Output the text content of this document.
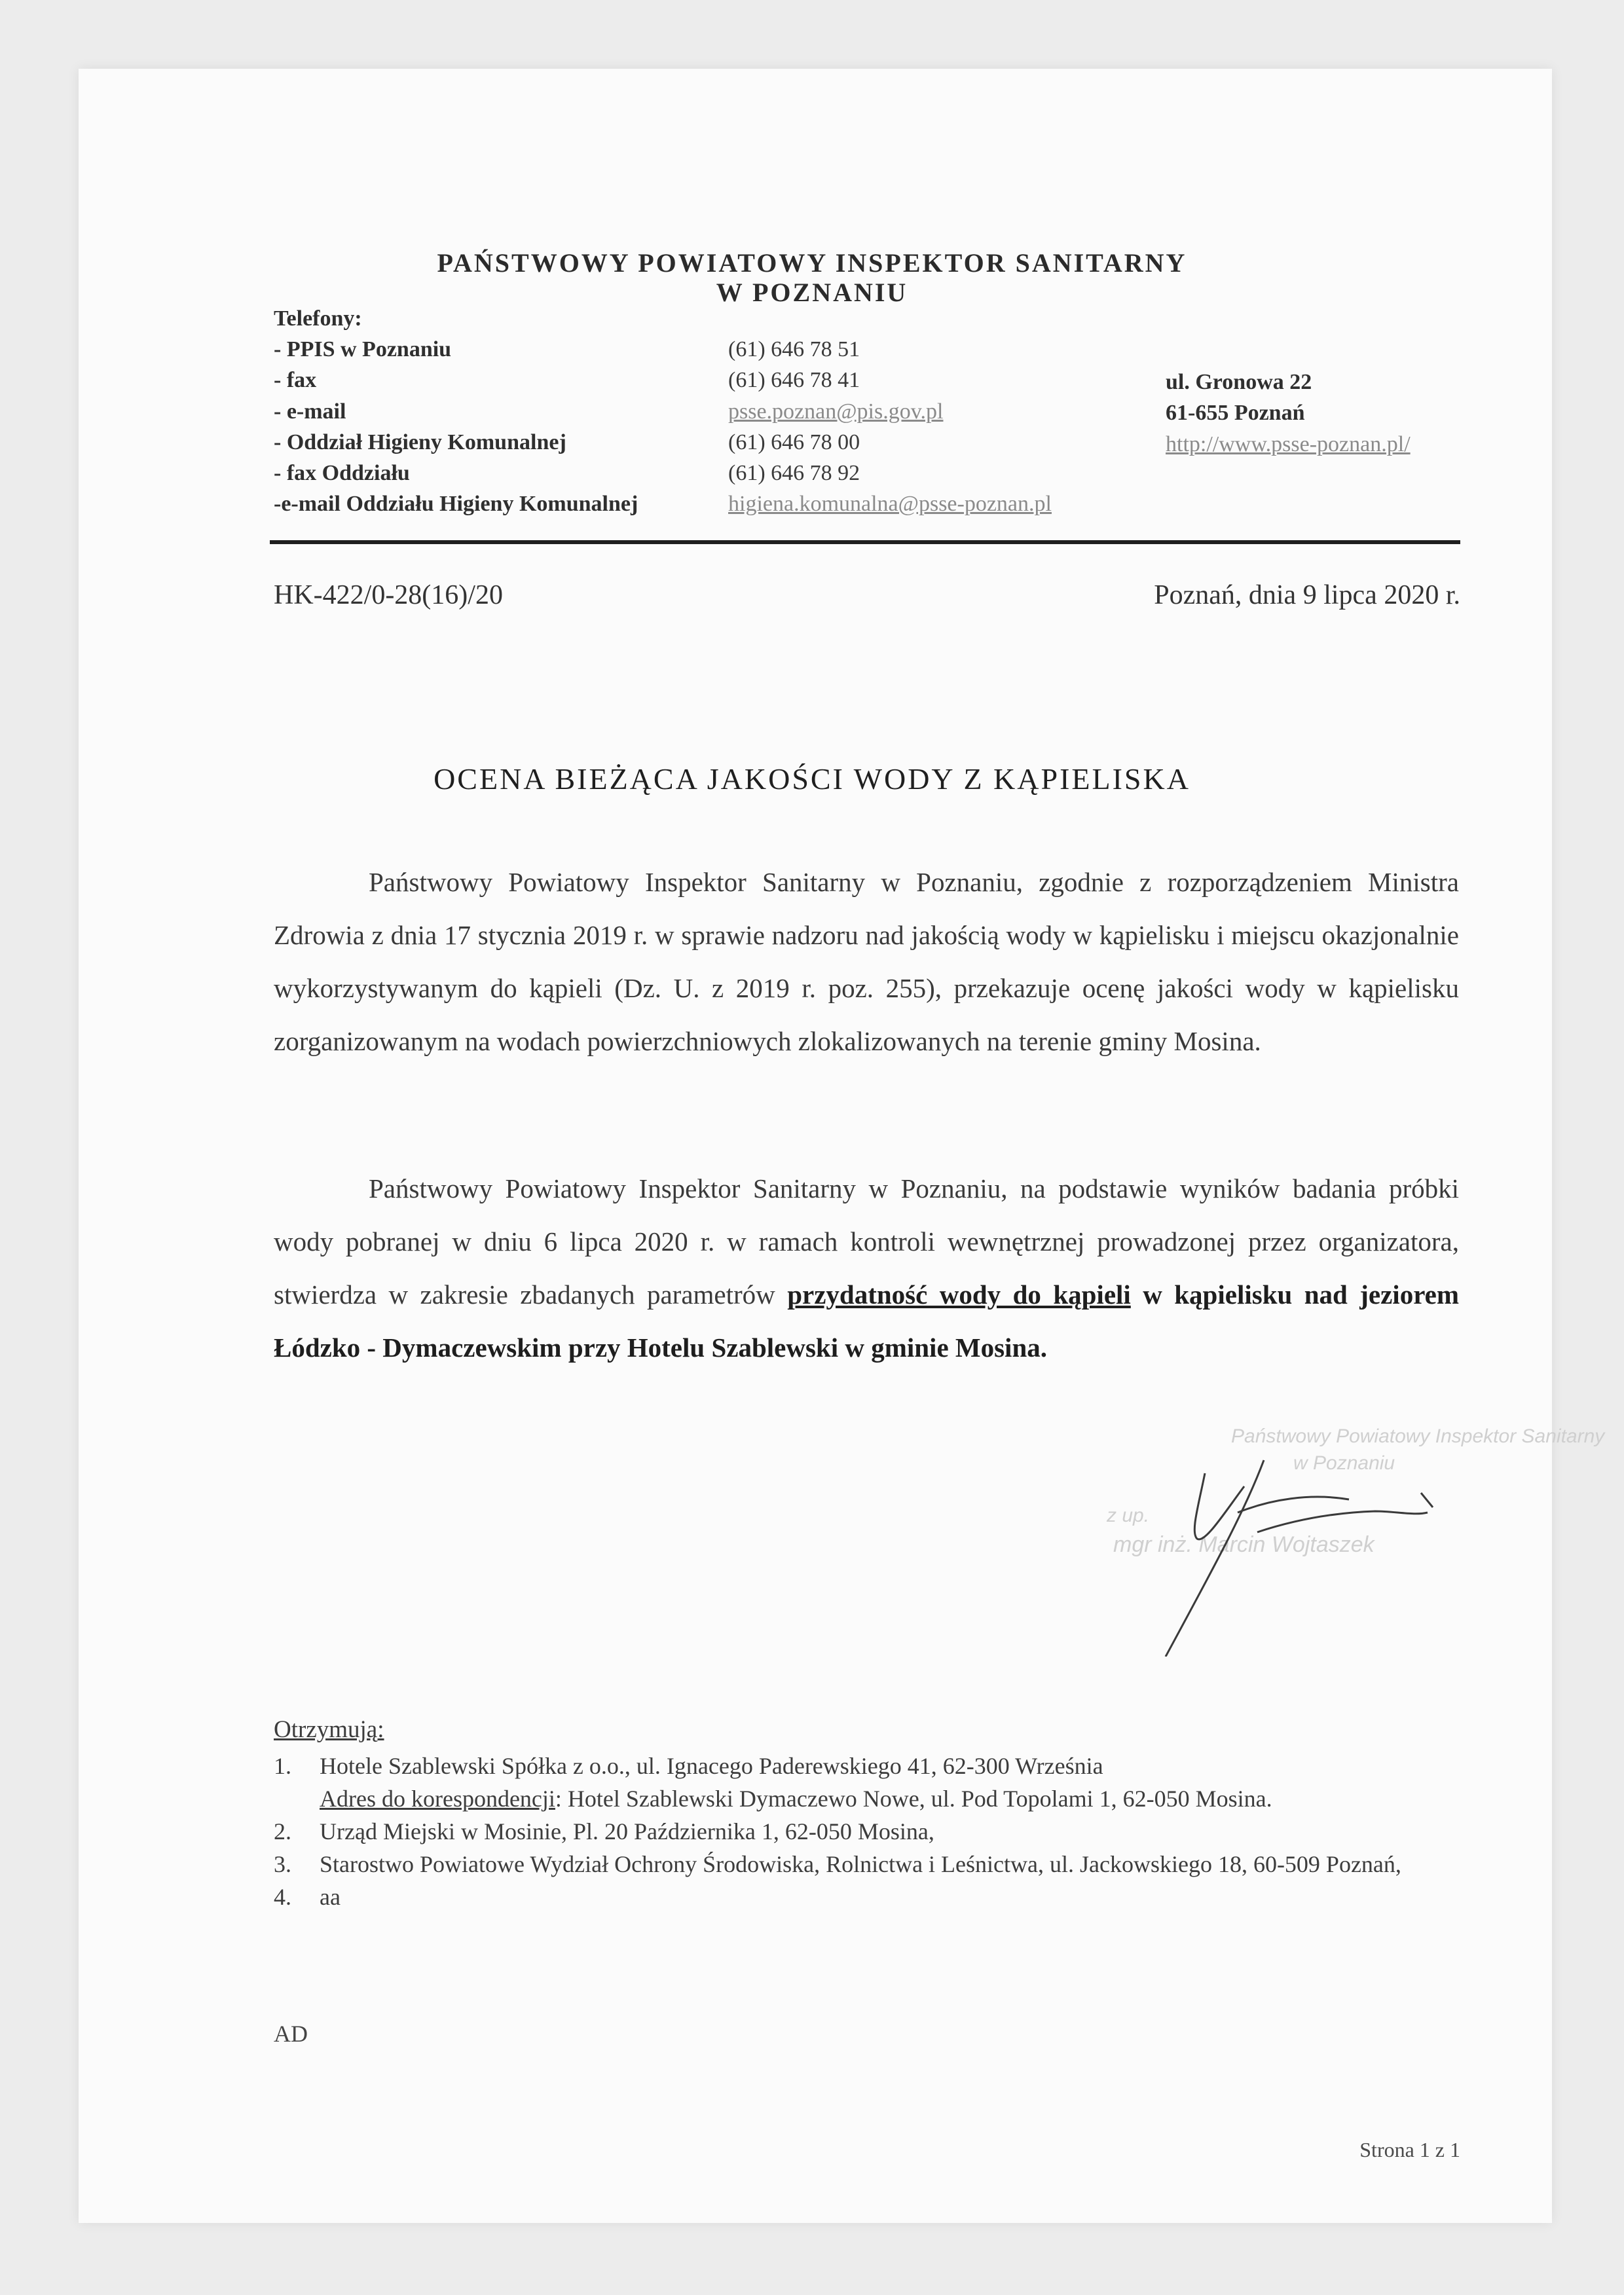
PAŃSTWOWY POWIATOWY INSPEKTOR SANITARNY
W POZNANIU
Telefony:
- PPIS w Poznaniu	(61) 646 78 51
- fax	(61) 646 78 41
- e-mail	psse.poznan@pis.gov.pl
- Oddział Higieny Komunalnej	(61) 646 78 00
- fax Oddziału	(61) 646 78 92
-e-mail Oddziału Higieny Komunalnej	higiena.komunalna@psse-poznan.pl
ul. Gronowa 22
61-655 Poznań
http://www.psse-poznan.pl/
HK-422/0-28(16)/20	Poznań, dnia 9 lipca 2020 r.
OCENA BIEŻĄCA JAKOŚCI WODY Z KĄPIELISKA

Państwowy Powiatowy Inspektor Sanitarny w Poznaniu, zgodnie z rozporządzeniem Ministra Zdrowia z dnia 17 stycznia 2019 r. w sprawie nadzoru nad jakością wody w kąpielisku i miejscu okazjonalnie wykorzystywanym do kąpieli (Dz. U. z 2019 r. poz. 255), przekazuje ocenę jakości wody w kąpielisku zorganizowanym na wodach powierzchniowych zlokalizowanych na terenie gminy Mosina.

Państwowy Powiatowy Inspektor Sanitarny w Poznaniu, na podstawie wyników badania próbki wody pobranej w dniu 6 lipca 2020 r. w ramach kontroli wewnętrznej prowadzonej przez organizatora, stwierdza w zakresie zbadanych parametrów przydatność wody do kąpieli w kąpielisku nad jeziorem Łódzko - Dymaczewskim przy Hotelu Szablewski w gminie Mosina.

Państwowy Powiatowy Inspektor Sanitarny
w Poznaniu
z up.
mgr inż. Marcin Wojtaszek
Otrzymują:
1. Hotele Szablewski Spółka z o.o., ul. Ignacego Paderewskiego 41, 62-300 Września
Adres do korespondencji: Hotel Szablewski Dymaczewo Nowe, ul. Pod Topolami 1, 62-050 Mosina.
2. Urząd Miejski w Mosinie, Pl. 20 Października 1, 62-050 Mosina,
3. Starostwo Powiatowe Wydział Ochrony Środowiska, Rolnictwa i Leśnictwa, ul. Jackowskiego 18, 60-509 Poznań,
4. aa
AD
Strona 1 z 1
